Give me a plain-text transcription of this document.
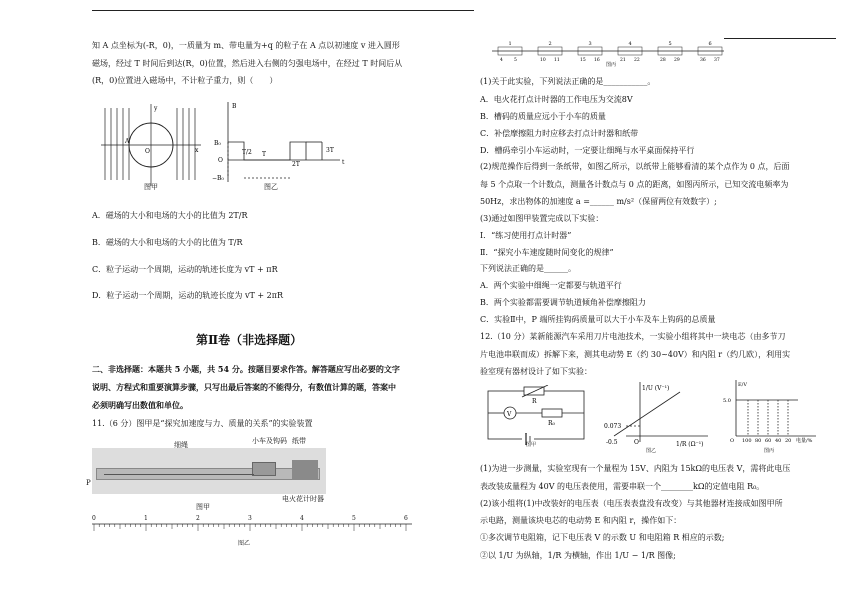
知 A 点坐标为(-R，0)，一质量为 m、带电量为+q 的粒子在 A 点以初速度 v 进入圆形
磁场，经过 T 时间后到达(R，0)位置，然后进入右侧的匀强电场中，在经过 T 时间后从
(R，0)位置进入磁场中，不计粒子重力，则（　　）
A
O	x
y
图甲
B
B₀
O
−B₀
T/2 T
2T
3T
t
图乙
A．磁场的大小和电场的大小的比值为 2T/R
B．磁场的大小和电场的大小的比值为 T/R
C．粒子运动一个周期，运动的轨迹长度为 vT + πR
D．粒子运动一个周期，运动的轨迹长度为 vT + 2πR
第Ⅱ卷（非选择题）
二、非选择题：本题共 5 小题，共 54 分。按题目要求作答。解答题应写出必要的文字
说明、方程式和重要演算步骤，只写出最后答案的不能得分，有数值计算的题，答案中
必须明确写出数值和单位。
11.（6 分）图甲是“探究加速度与力、质量的关系”的实验装置
细绳	小车及钩码 纸带
P
电火花计时器
图甲
0	1	2	3	4	5	6
图乙
1
4 5
2
10 11
3
15 16
4
21 22
5
28 29
6
36 37
图丙
(1)关于此实验，下列说法正确的是___________。
A．电火花打点计时器的工作电压为交流8V
B．槽码的质量应远小于小车的质量
C．补偿摩擦阻力时应移去打点计时器和纸带
D．槽码牵引小车运动时，一定要让细绳与水平桌面保持平行
(2)规范操作后得到一条纸带，如图乙所示，以纸带上能够看清的某个点作为 0 点，后面
每 5 个点取一个计数点，测量各计数点与 0 点的距离，如图丙所示，已知交流电频率为
50Hz，求出物体的加速度 a =______ m/s²（保留两位有效数字）;
(3)通过如图甲装置完成以下实验：
Ⅰ．“练习使用打点计时器”
Ⅱ．“探究小车速度随时间变化的规律”
下列说法正确的是______。
A．两个实验中细绳一定都要与轨道平行
B．两个实验都需要调节轨道倾角补偿摩擦阻力
C．实验Ⅱ中，P 端所挂钩码质量可以大于小车及车上钩码的总质量
12.（10 分）某新能源汽车采用刀片电池技术，一实验小组将其中一块电芯（由多节刀
片电池串联而成）拆解下来，测其电动势 E（约 30~40V）和内阻 r（约几欧），利用实
验室现有器材设计了如下实验：
V
R
R₀
图甲
1/U (V⁻¹)
0.073
-0.5	O	1/R (Ω⁻¹)
图乙
E/V
5.0
O 100 80 60 40 20 电量/%
图丙
(1)为进一步测量，实验室现有一个量程为 15V、内阻为 15kΩ的电压表 V，需将此电压
表改装成量程为 40V 的电压表使用，需要串联一个________kΩ的定值电阻 R₀。
(2)该小组将(1)中改装好的电压表（电压表表盘没有改变）与其他器材连接成如图甲所
示电路，测量该块电芯的电动势 E 和内阻 r，操作如下：
①多次调节电阻箱，记下电压表 V 的示数 U 和电阻箱 R 相应的示数;
②以 1/U 为纵轴，1/R 为横轴，作出 1/U − 1/R 图像;
